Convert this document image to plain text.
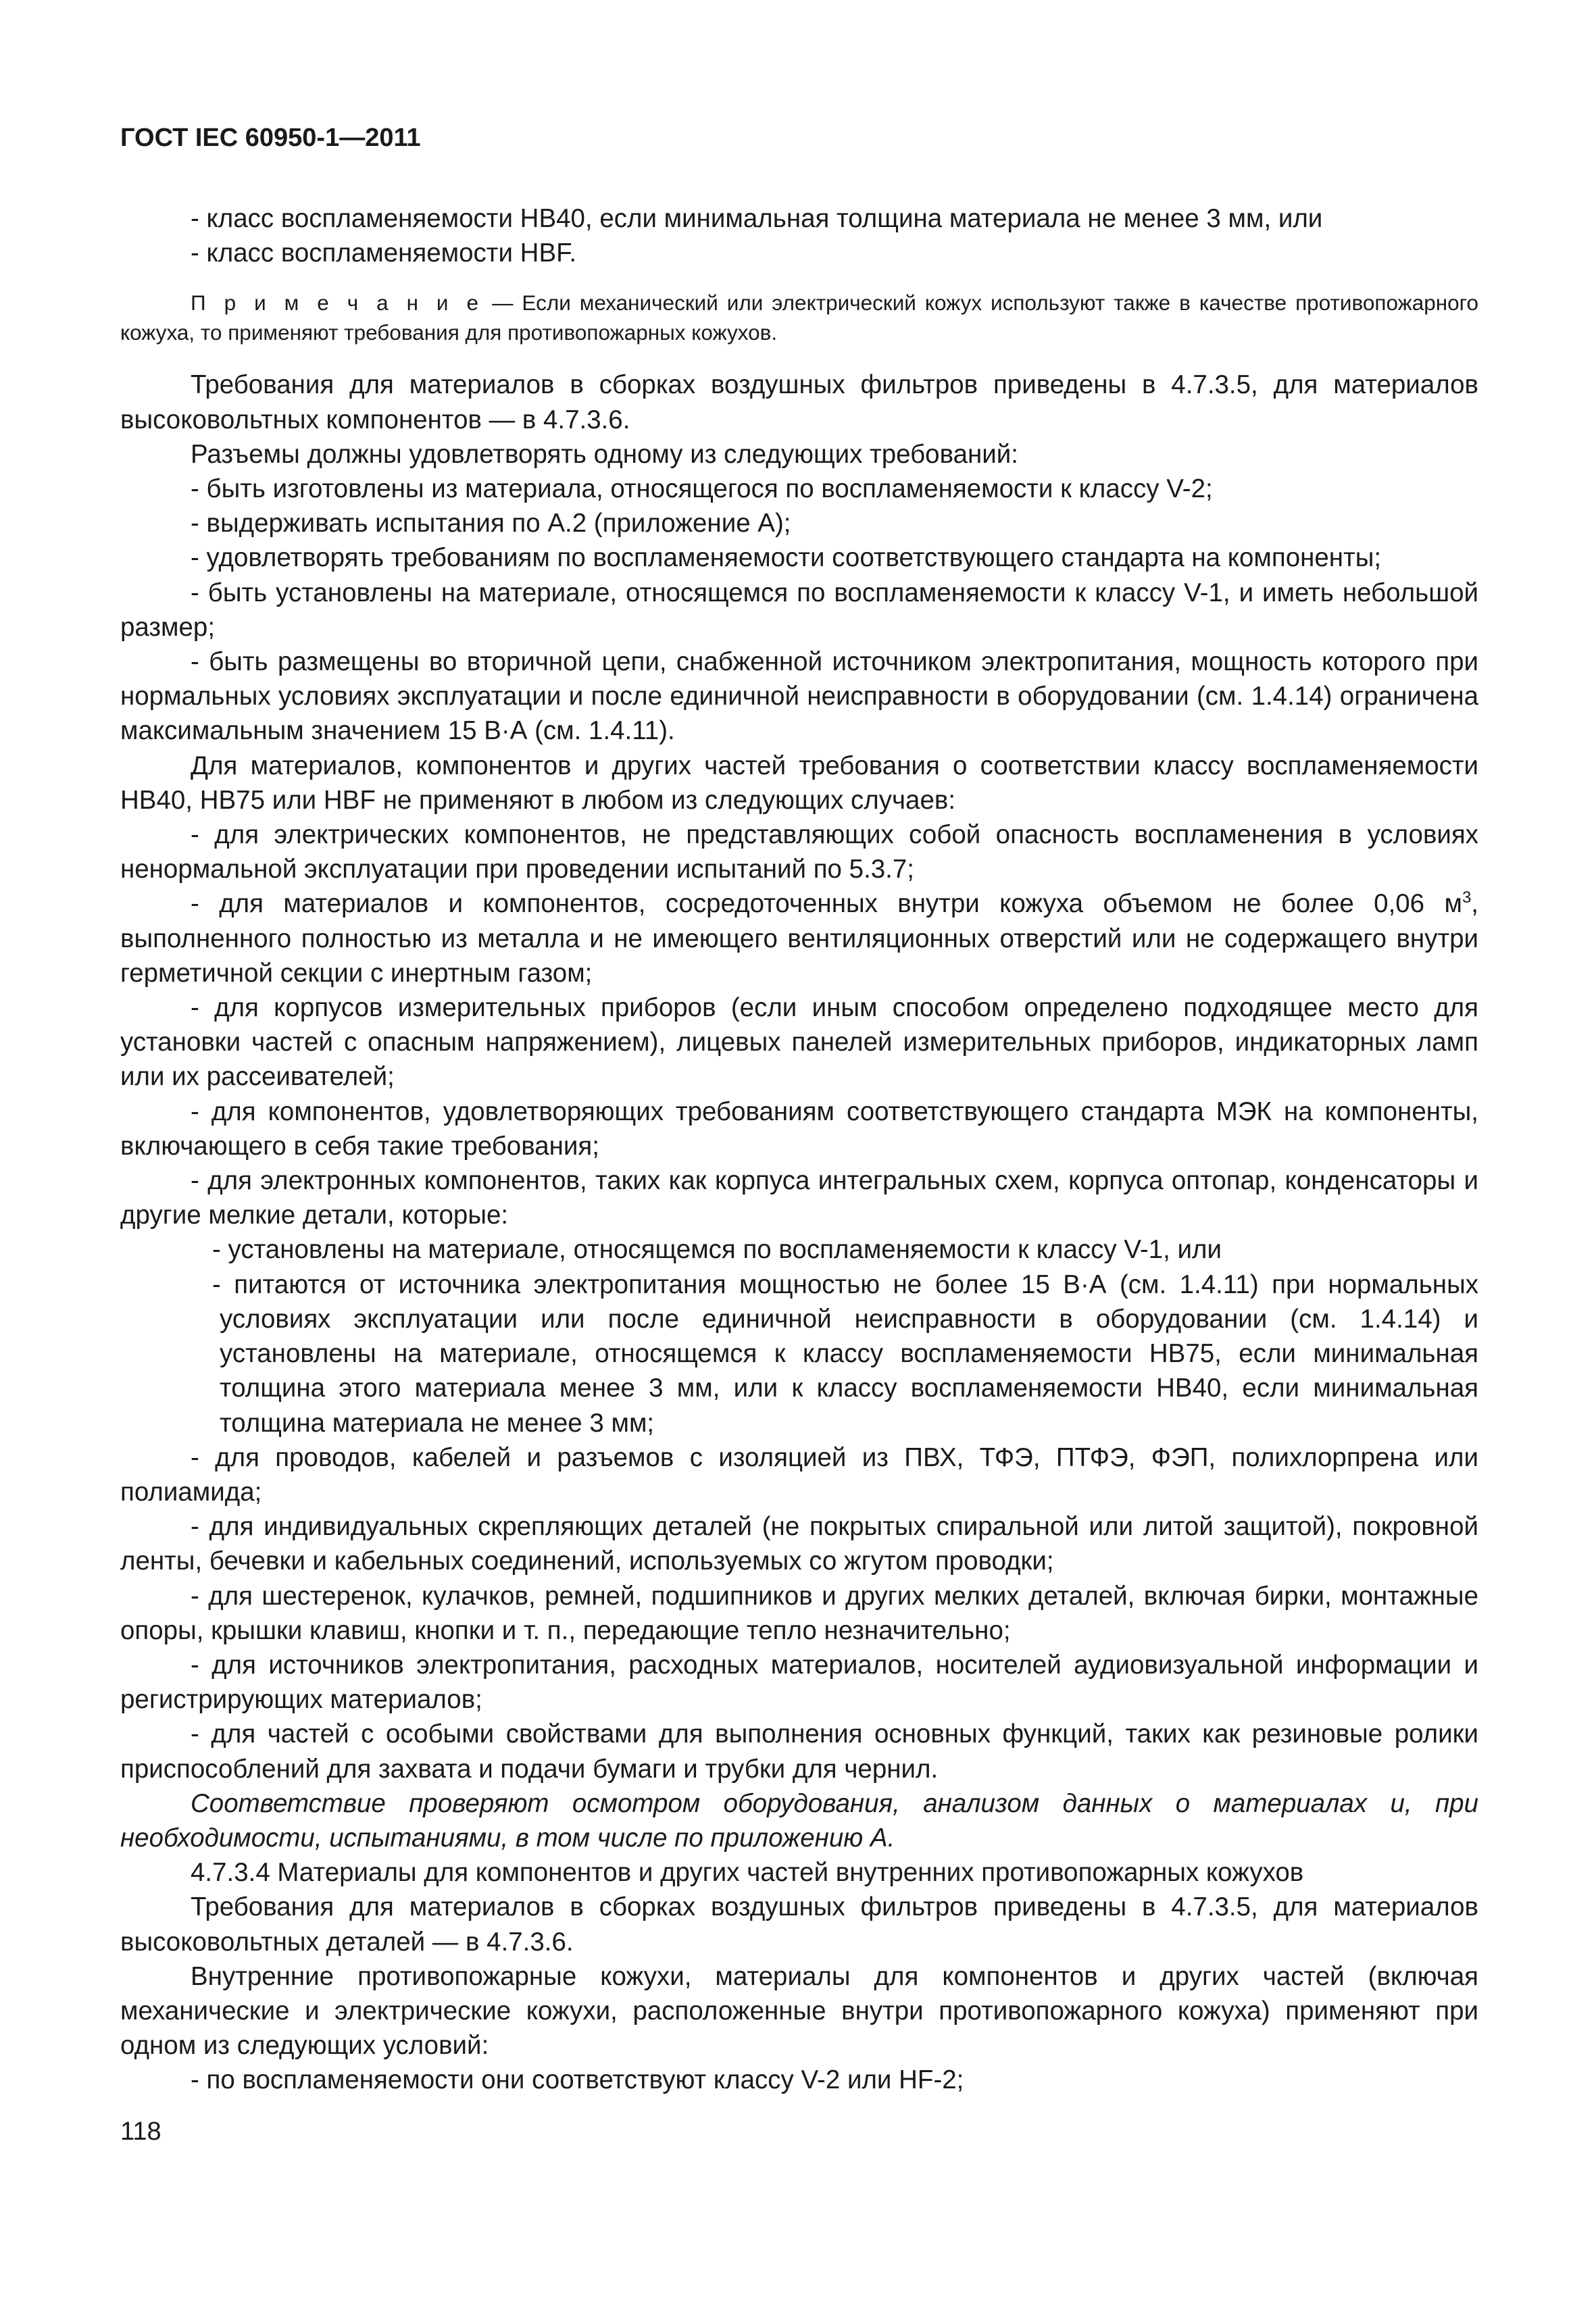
ГОСТ IEC 60950-1—2011

- класс воспламеняемости НВ40, если минимальная толщина материала не менее 3 мм, или

- класс воспламеняемости HBF.

П р и м е ч а н и е — Если механический или электрический кожух используют также в качестве противопожарного кожуха, то применяют требования для противопожарных кожухов.

Требования для материалов в сборках воздушных фильтров приведены в 4.7.3.5, для материалов высоковольтных компонентов — в 4.7.3.6.

Разъемы должны удовлетворять одному из следующих требований:

- быть изготовлены из материала, относящегося по воспламеняемости к классу V-2;

- выдерживать испытания по А.2 (приложение А);

- удовлетворять требованиям по воспламеняемости соответствующего стандарта на компоненты;

- быть установлены на материале, относящемся по воспламеняемости к классу V-1, и иметь небольшой размер;

- быть размещены во вторичной цепи, снабженной источником электропитания, мощность которого при нормальных условиях эксплуатации и после единичной неисправности в оборудовании (см. 1.4.14) ограничена максимальным значением 15 В·А (см. 1.4.11).

Для материалов, компонентов и других частей требования о соответствии классу воспламеняемости НВ40, НВ75 или HBF не применяют в любом из следующих случаев:

- для электрических компонентов, не представляющих собой опасность воспламенения в условиях ненормальной эксплуатации при проведении испытаний по 5.3.7;

- для материалов и компонентов, сосредоточенных внутри кожуха объемом не более 0,06 $м^3$, выполненного полностью из металла и не имеющего вентиляционных отверстий или не содержащего внутри герметичной секции с инертным газом;

- для корпусов измерительных приборов (если иным способом определено подходящее место для установки частей с опасным напряжением), лицевых панелей измерительных приборов, индикаторных ламп или их рассеивателей;

- для компонентов, удовлетворяющих требованиям соответствующего стандарта МЭК на компоненты, включающего в себя такие требования;

- для электронных компонентов, таких как корпуса интегральных схем, корпуса оптопар, конденсаторы и другие мелкие детали, которые:

- установлены на материале, относящемся по воспламеняемости к классу V-1, или

- питаются от источника электропитания мощностью не более 15 В·А (см. 1.4.11) при нормальных условиях эксплуатации или после единичной неисправности в оборудовании (см. 1.4.14) и установлены на материале, относящемся к классу воспламеняемости НВ75, если минимальная толщина этого материала менее 3 мм, или к классу воспламеняемости НВ40, если минимальная толщина материала не менее 3 мм;

- для проводов, кабелей и разъемов с изоляцией из ПВХ, ТФЭ, ПТФЭ, ФЭП, полихлорпрена или полиамида;

- для индивидуальных скрепляющих деталей (не покрытых спиральной или литой защитой), покровной ленты, бечевки и кабельных соединений, используемых со жгутом проводки;

- для шестеренок, кулачков, ремней, подшипников и других мелких деталей, включая бирки, монтажные опоры, крышки клавиш, кнопки и т. п., передающие тепло незначительно;

- для источников электропитания, расходных материалов, носителей аудиовизуальной информации и регистрирующих материалов;

- для частей с особыми свойствами для выполнения основных функций, таких как резиновые ролики приспособлений для захвата и подачи бумаги и трубки для чернил.

Соответствие проверяют осмотром оборудования, анализом данных о материалах и, при необходимости, испытаниями, в том числе по приложению А.

4.7.3.4 Материалы для компонентов и других частей внутренних противопожарных кожухов

Требования для материалов в сборках воздушных фильтров приведены в 4.7.3.5, для материалов высоковольтных деталей — в 4.7.3.6.

Внутренние противопожарные кожухи, материалы для компонентов и других частей (включая механические и электрические кожухи, расположенные внутри противопожарного кожуха) применяют при одном из следующих условий:

- по воспламеняемости они соответствуют классу V-2 или HF-2;

118
